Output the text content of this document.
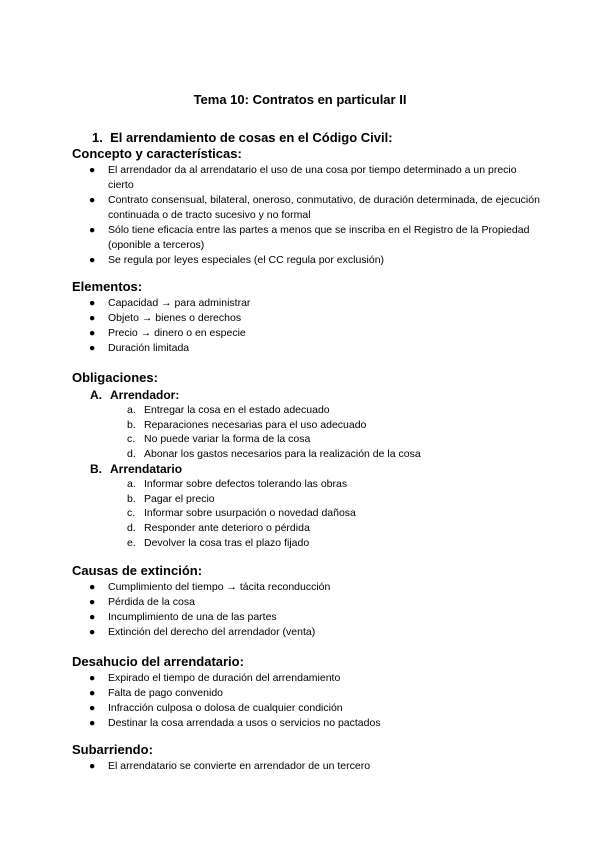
Tema 10: Contratos en particular II

1. El arrendamiento de cosas en el Código Civil:

Concepto y características:

● El arrendador da al arrendatario el uso de una cosa por tiempo determinado a un precio cierto
● Contrato consensual, bilateral, oneroso, conmutativo, de duración determinada, de ejecución continuada o de tracto sucesivo y no formal
● Sólo tiene eficacia entre las partes a menos que se inscriba en el Registro de la Propiedad (oponible a terceros)
● Se regula por leyes especiales (el CC regula por exclusión)

Elementos:

● Capacidad → para administrar
● Objeto → bienes o derechos
● Precio → dinero o en especie
● Duración limitada

Obligaciones:

A. Arrendador:

a. Entregar la cosa en el estado adecuado
b. Reparaciones necesarias para el uso adecuado
c. No puede variar la forma de la cosa
d. Abonar los gastos necesarios para la realización de la cosa

B. Arrendatario

a. Informar sobre defectos tolerando las obras
b. Pagar el precio
c. Informar sobre usurpación o novedad dañosa
d. Responder ante deterioro o pérdida
e. Devolver la cosa tras el plazo fijado

Causas de extinción:

● Cumplimiento del tiempo → tácita reconducción
● Pérdida de la cosa
● Incumplimiento de una de las partes
● Extinción del derecho del arrendador (venta)

Desahucio del arrendatario:

● Expirado el tiempo de duración del arrendamiento
● Falta de pago convenido
● Infracción culposa o dolosa de cualquier condición
● Destinar la cosa arrendada a usos o servicios no pactados

Subarriendo:

● El arrendatario se convierte en arrendador de un tercero
